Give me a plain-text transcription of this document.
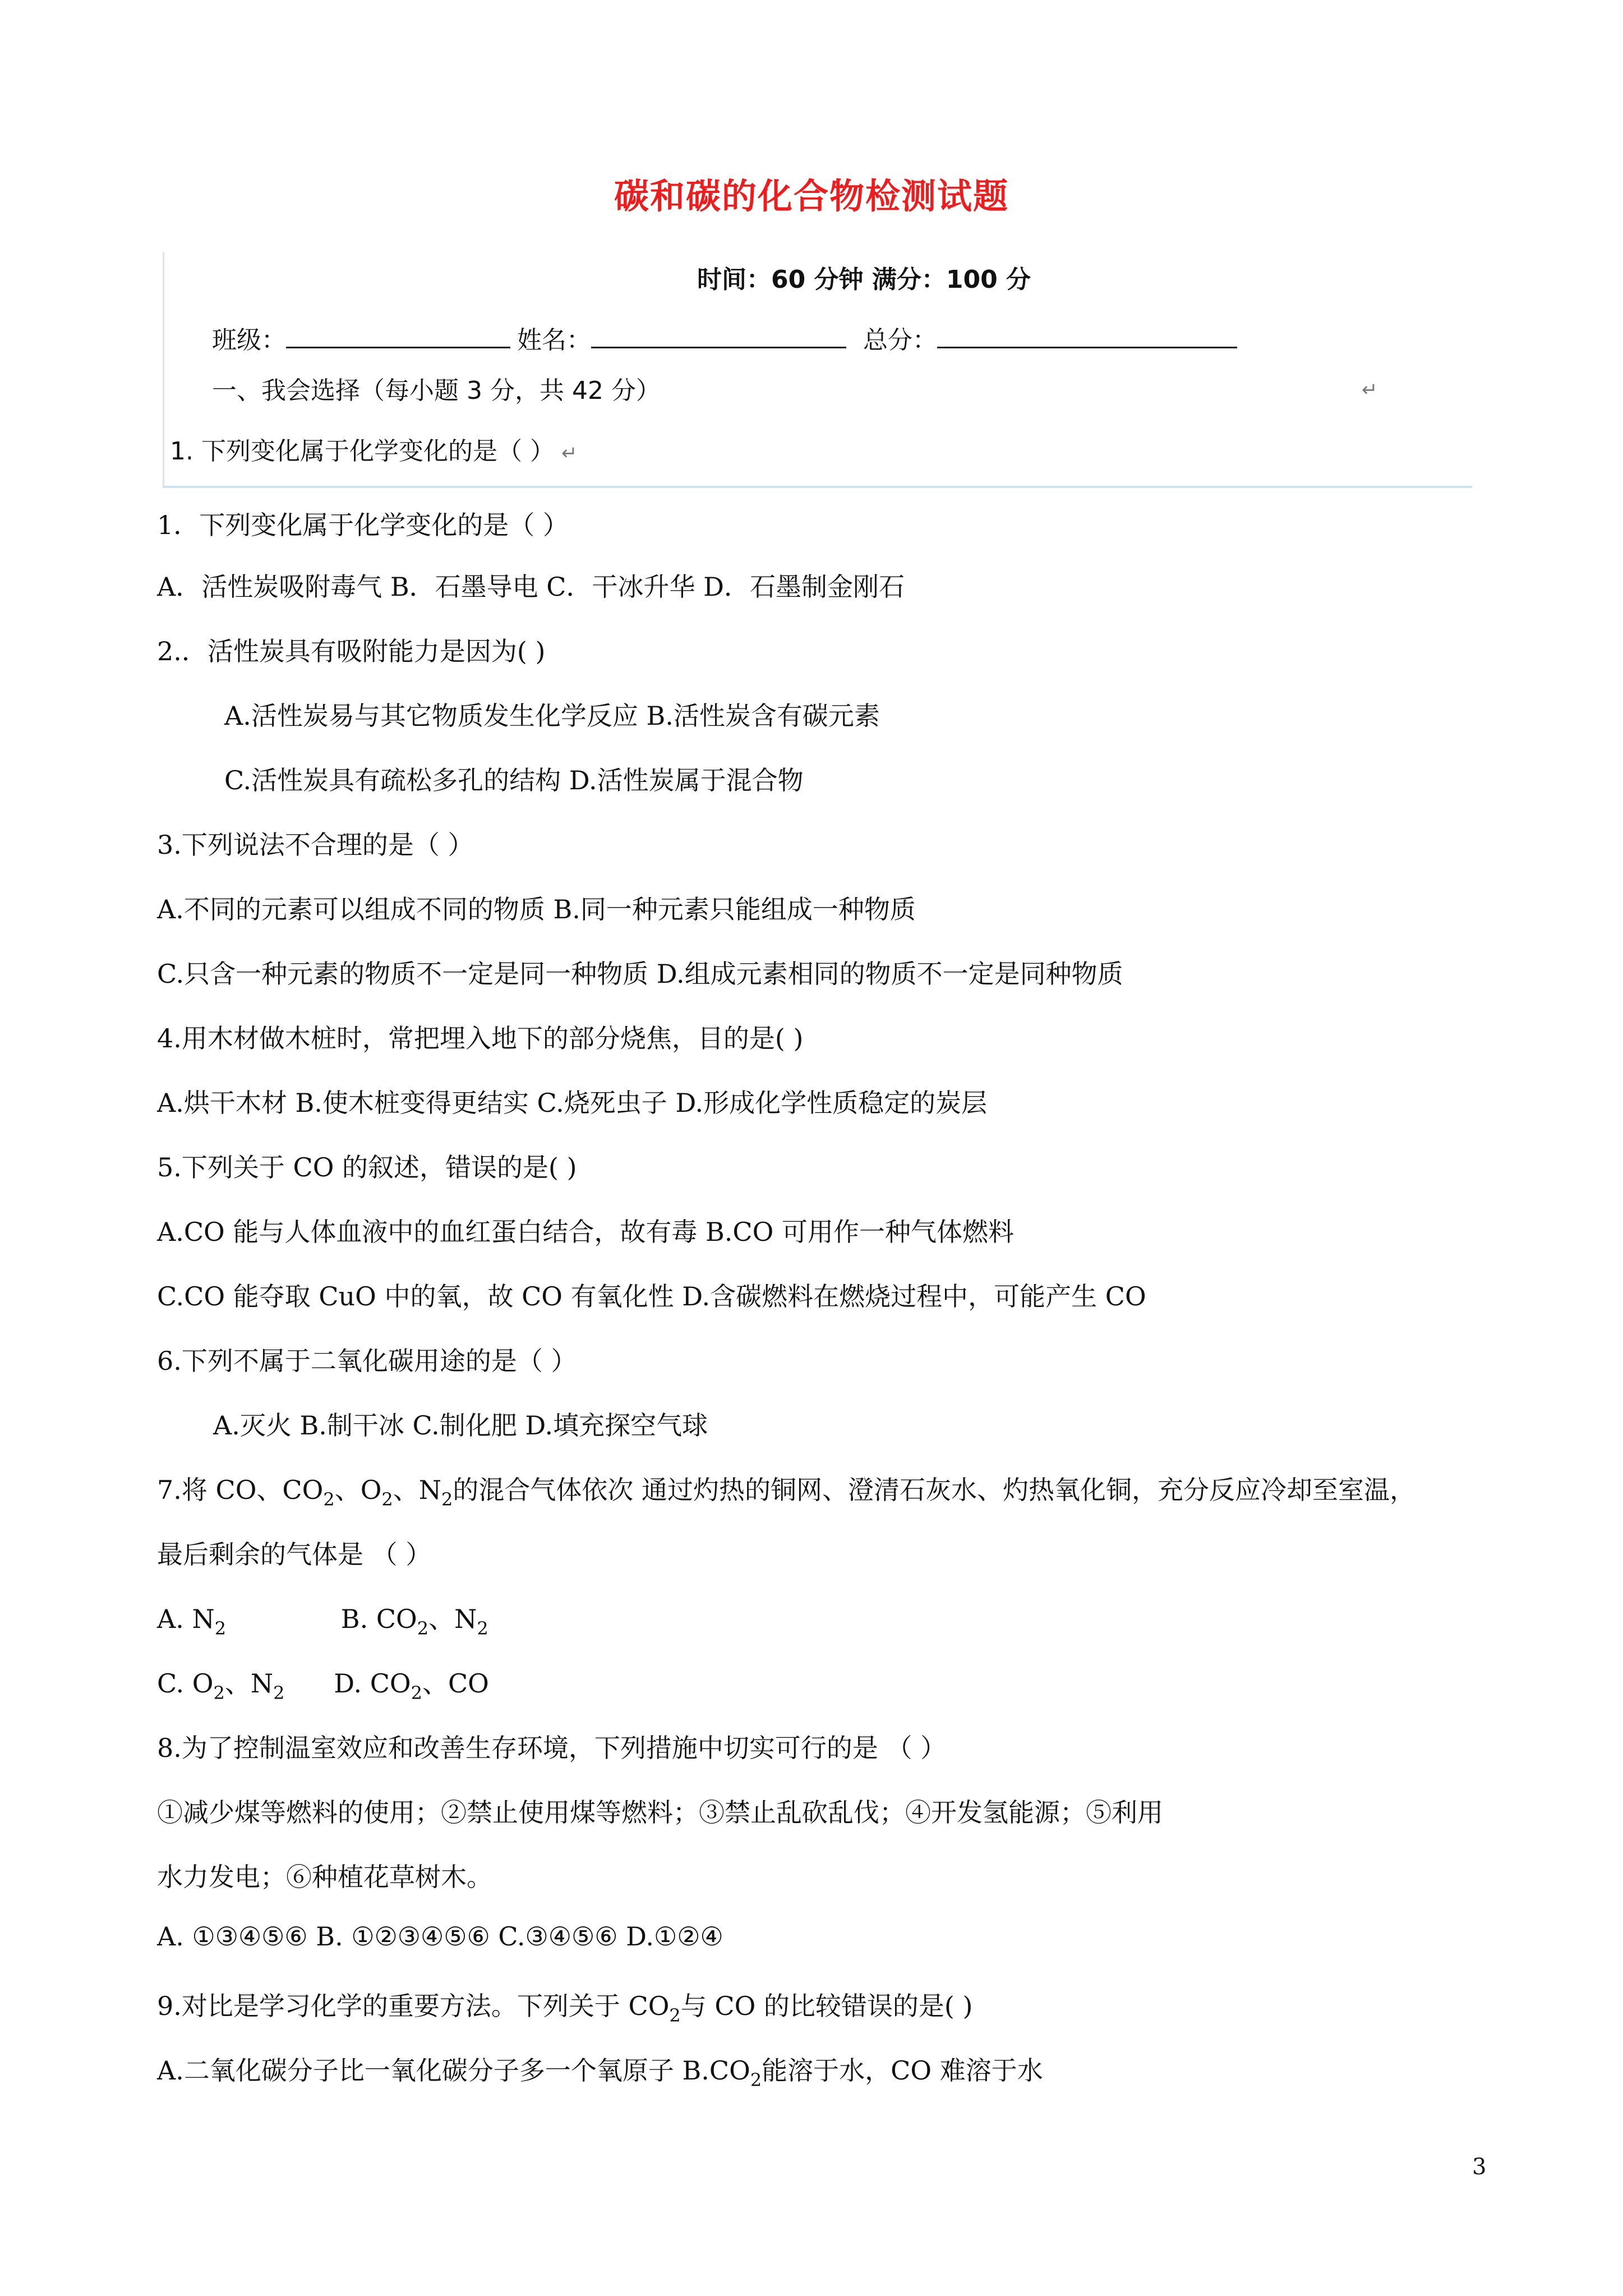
碳和碳的化合物检测试题
时间：60 分钟 满分：100 分
班级：	姓名：	总分：
一、我会选择（每小题 3 分，共 42 分）	↵
1. 下列变化属于化学变化的是（ ） ↵
1．下列变化属于化学变化的是（ ）
A．活性炭吸附毒气 B．石墨导电 C．干冰升华 D．石墨制金刚石
2.．活性炭具有吸附能力是因为( )
A.活性炭易与其它物质发生化学反应 B.活性炭含有碳元素
C.活性炭具有疏松多孔的结构 D.活性炭属于混合物
3.下列说法不合理的是（ ）
A.不同的元素可以组成不同的物质 B.同一种元素只能组成一种物质
C.只含一种元素的物质不一定是同一种物质 D.组成元素相同的物质不一定是同种物质
4.用木材做木桩时，常把埋入地下的部分烧焦，目的是( )
A.烘干木材 B.使木桩变得更结实 C.烧死虫子 D.形成化学性质稳定的炭层
5.下列关于 CO 的叙述，错误的是( )
A.CO 能与人体血液中的血红蛋白结合，故有毒 B.CO 可用作一种气体燃料
C.CO 能夺取 CuO 中的氧，故 CO 有氧化性 D.含碳燃料在燃烧过程中，可能产生 CO
6.下列不属于二氧化碳用途的是（ ）
A.灭火 B.制干冰 C.制化肥 D.填充探空气球
7.将 CO、$CO_2$、$O_2$、$N_2$的混合气体依次 通过灼热的铜网、澄清石灰水、灼热氧化铜，充分反应冷却至室温，
最后剩余的气体是 （ ）
A. $N_2$              B. $CO_2$、$N_2$
C. $O_2$、$N_2$      D. $CO_2$、CO
8.为了控制温室效应和改善生存环境，下列措施中切实可行的是 （ ）
①减少煤等燃料的使用；②禁止使用煤等燃料；③禁止乱砍乱伐；④开发氢能源；⑤利用
水力发电；⑥种植花草树木。
A. ①③④⑤⑥ B. ①②③④⑤⑥ C.③④⑤⑥ D.①②④
9.对比是学习化学的重要方法。下列关于 $CO_2$与 CO 的比较错误的是( )
A.二氧化碳分子比一氧化碳分子多一个氧原子 $B.CO_2$能溶于水，CO 难溶于水
3
